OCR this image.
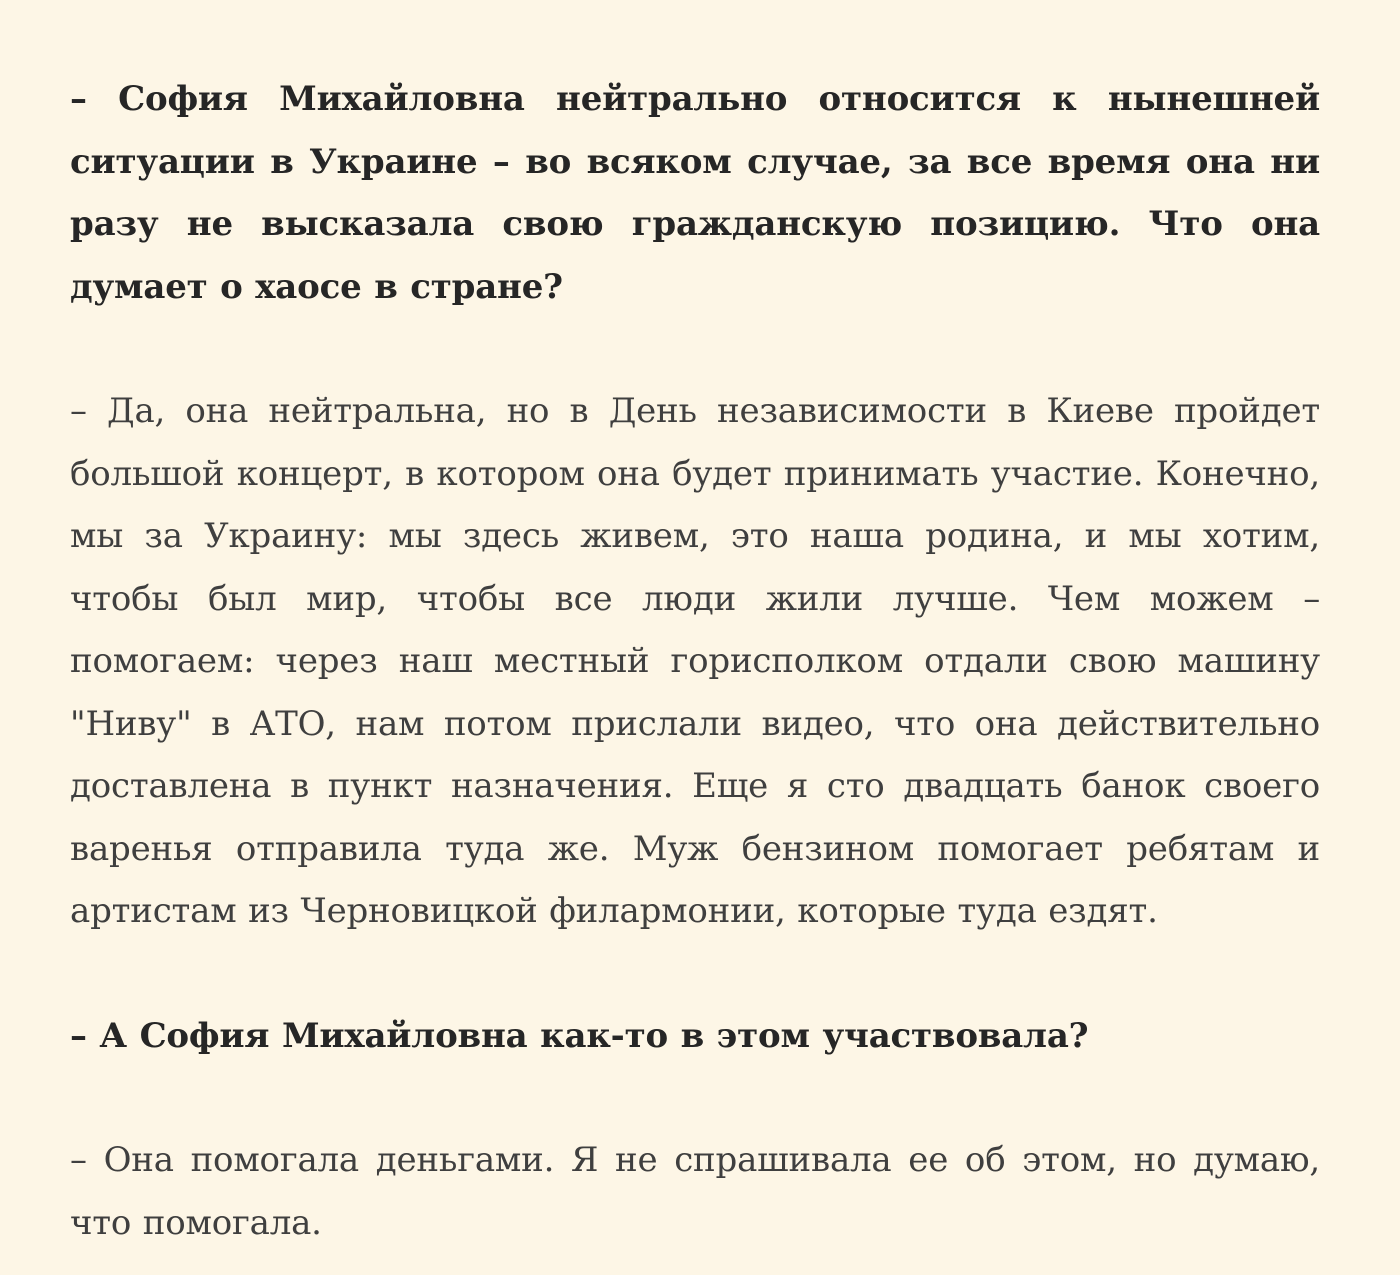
– София Михайловна нейтрально относится к нынешней ситуации в Украине – во всяком случае, за все время она ни разу не высказала свою гражданскую позицию. Что она думает о хаосе в стране?

– Да, она нейтральна, но в День независимости в Киеве пройдет большой концерт, в котором она будет принимать участие. Конечно, мы за Украину: мы здесь живем, это наша родина, и мы хотим, чтобы был мир, чтобы все люди жили лучше. Чем можем – помогаем: через наш местный горисполком отдали свою машину "Ниву" в АТО, нам потом прислали видео, что она действительно доставлена в пункт назначения. Еще я сто двадцать банок своего варенья отправила туда же. Муж бензином помогает ребятам и артистам из Черновицкой филармонии, которые туда ездят.

– А София Михайловна как-то в этом участвовала?

– Она помогала деньгами. Я не спрашивала ее об этом, но думаю, что помогала.
